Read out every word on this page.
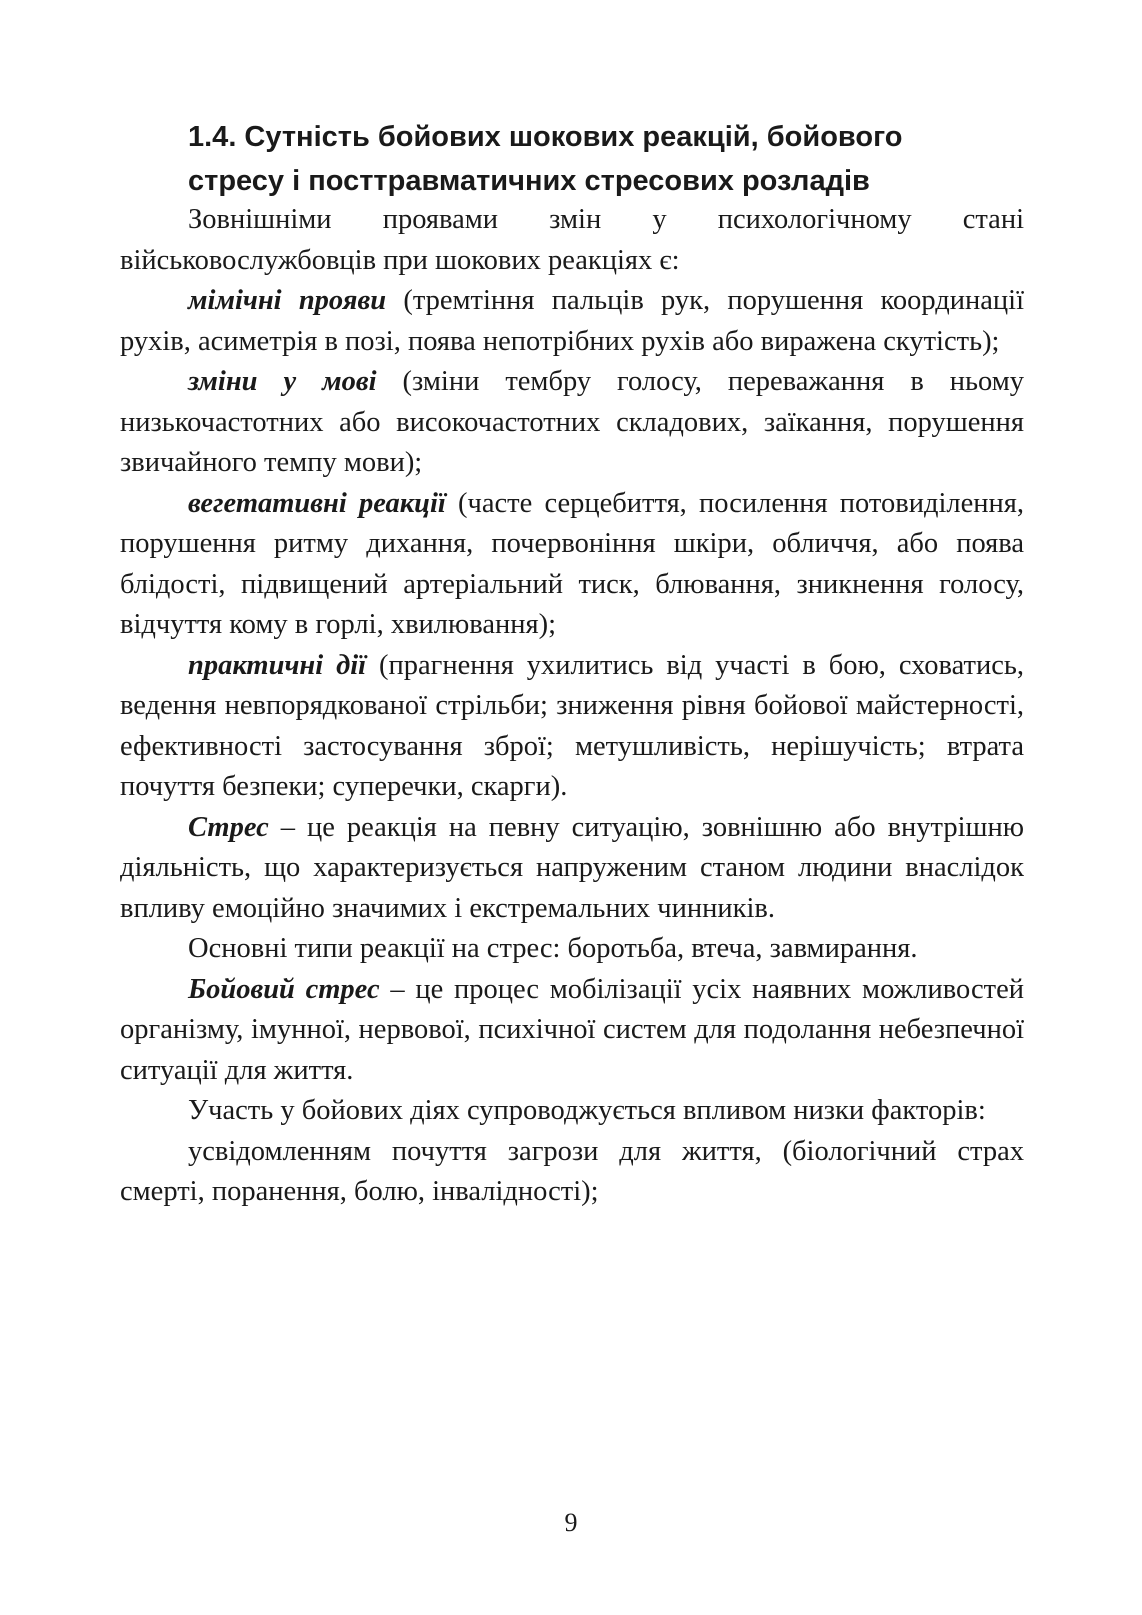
1.4. Сутність бойових шокових реакцій, бойового
стресу і посттравматичних стресових розладів

Зовнішніми проявами змін у психологічному стані військовослужбовців при шокових реакціях є:

мімічні прояви (тремтіння пальців рук, порушення координації рухів, асиметрія в позі, поява непотрібних рухів або виражена скутість);

зміни у мові (зміни тембру голосу, переважання в ньому низькочастотних або високочастотних складових, заїкання, порушення звичайного темпу мови);

вегетативні реакції (часте серцебиття, посилення потовиділення, порушення ритму дихання, почервоніння шкіри, обличчя, або поява блідості, підвищений артеріальний тиск, блювання, зникнення голосу, відчуття кому в горлі, хвилювання);

практичні дії (прагнення ухилитись від участі в бою, сховатись, ведення невпорядкованої стрільби; зниження рівня бойової майстерності, ефективності застосування зброї; метушливість, нерішучість; втрата почуття безпеки; суперечки, скарги).

Стрес – це реакція на певну ситуацію, зовнішню або внутрішню діяльність, що характеризується напруженим станом людини внаслідок впливу емоційно значимих і екстремальних чинників.

Основні типи реакції на стрес: боротьба, втеча, завмирання.

Бойовий стрес – це процес мобілізації усіх наявних можливостей організму, імунної, нервової, психічної систем для подолання небезпечної ситуації для життя.

Участь у бойових діях супроводжується впливом низки факторів:

усвідомленням почуття загрози для життя, (біологічний страх смерті, поранення, болю, інвалідності);

9
